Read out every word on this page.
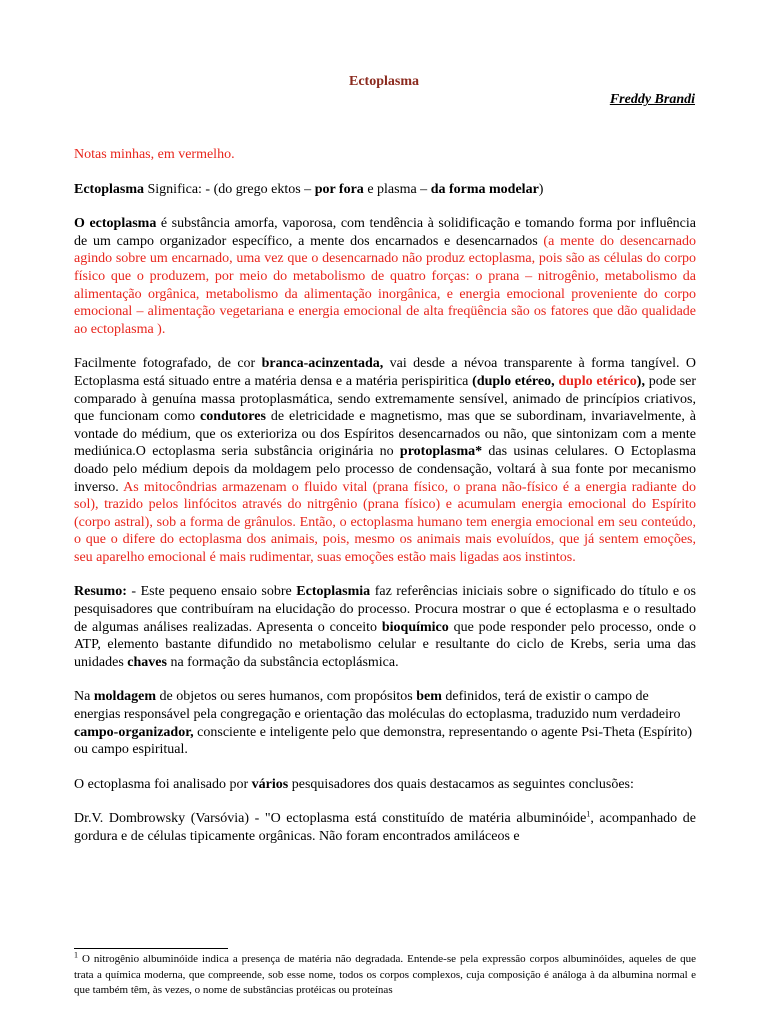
Ectoplasma
Freddy Brandi

Notas minhas, em vermelho.

Ectoplasma Significa: - (do grego ektos – por fora e plasma – da forma modelar)

O ectoplasma é substância amorfa, vaporosa, com tendência à solidificação e tomando forma por influência de um campo organizador específico, a mente dos encarnados e desencarnados (a mente do desencarnado agindo sobre um encarnado, uma vez que o desencarnado não produz ectoplasma, pois são as células do corpo físico que o produzem, por meio do metabolismo de quatro forças: o prana – nitrogênio, metabolismo da alimentação orgânica, metabolismo da alimentação inorgânica, e energia emocional proveniente do corpo emocional – alimentação vegetariana e energia emocional de alta freqüência são os fatores que dão qualidade ao ectoplasma ).

Facilmente fotografado, de cor branca-acinzentada, vai desde a névoa transparente à forma tangível. O Ectoplasma está situado entre a matéria densa e a matéria perispiritica (duplo etéreo, duplo etérico), pode ser comparado à genuína massa protoplasmática, sendo extremamente sensível, animado de princípios criativos, que funcionam como condutores de eletricidade e magnetismo, mas que se subordinam, invariavelmente, à vontade do médium, que os exterioriza ou dos Espíritos desencarnados ou não, que sintonizam com a mente mediúnica.O ectoplasma seria substância originária no protoplasma* das usinas celulares. O Ectoplasma doado pelo médium depois da moldagem pelo processo de condensação, voltará à sua fonte por mecanismo inverso. As mitocôndrias armazenam o fluido vital (prana físico, o prana não-físico é a energia radiante do sol), trazido pelos linfócitos através do nitrgênio (prana físico) e acumulam energia emocional do Espírito (corpo astral), sob a forma de grânulos. Então, o ectoplasma humano tem energia emocional em seu conteúdo, o que o difere do ectoplasma dos animais, pois, mesmo os animais mais evoluídos, que já sentem emoções, seu aparelho emocional é mais rudimentar, suas emoções estão mais ligadas aos instintos.

Resumo: - Este pequeno ensaio sobre Ectoplasmia faz referências iniciais sobre o significado do título e os pesquisadores que contribuíram na elucidação do processo. Procura mostrar o que é ectoplasma e o resultado de algumas análises realizadas. Apresenta o conceito bioquímico que pode responder pelo processo, onde o ATP, elemento bastante difundido no metabolismo celular e resultante do ciclo de Krebs, seria uma das unidades chaves na formação da substância ectoplásmica.

Na moldagem de objetos ou seres humanos, com propósitos bem definidos, terá de existir o campo de energias responsável pela congregação e orientação das moléculas do ectoplasma, traduzido num verdadeiro campo-organizador, consciente e inteligente pelo que demonstra, representando o agente Psi-Theta (Espírito) ou campo espiritual.

O ectoplasma foi analisado por vários pesquisadores dos quais destacamos as seguintes conclusões:

Dr.V. Dombrowsky (Varsóvia) - "O ectoplasma está constituído de matéria albuminóide$^1$, acompanhado de gordura e de células tipicamente orgânicas. Não foram encontrados amiláceos e

$^1$ O nitrogênio albuminóide indica a presença de matéria não degradada. Entende-se pela expressão corpos albuminóides, aqueles de que trata a química moderna, que compreende, sob esse nome, todos os corpos complexos, cuja composição é análoga à da albumina normal e que também têm, às vezes, o nome de substâncias protéicas ou proteínas
